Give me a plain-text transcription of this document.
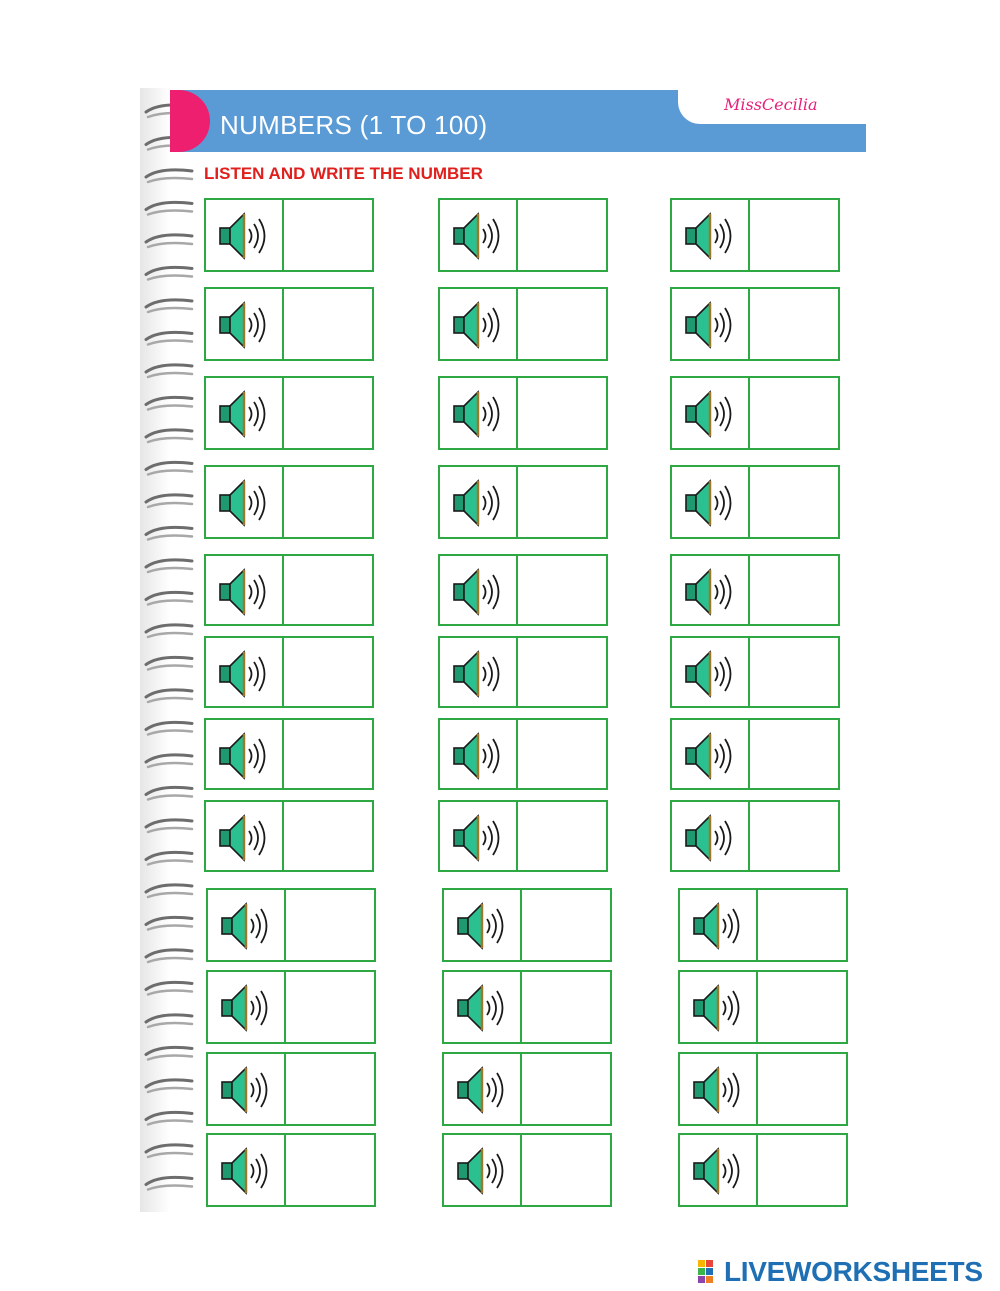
NUMBERS (1 TO 100)
MissCecilia
LISTEN AND WRITE THE NUMBER
LIVEWORKSHEETS
